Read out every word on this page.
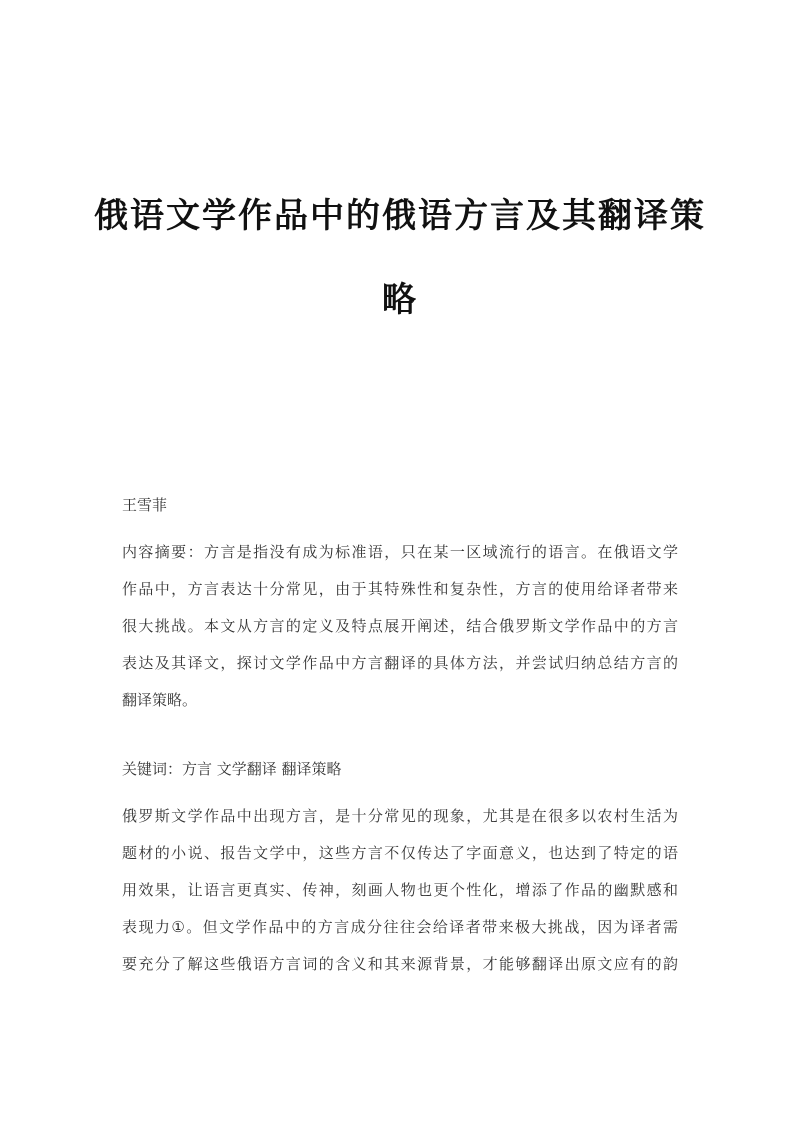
俄语文学作品中的俄语方言及其翻译策
略
王雪菲
内容摘要：方言是指没有成为标准语，只在某一区域流行的语言。在俄语文学
作品中，方言表达十分常见，由于其特殊性和复杂性，方言的使用给译者带来
很大挑战。本文从方言的定义及特点展开阐述，结合俄罗斯文学作品中的方言
表达及其译文，探讨文学作品中方言翻译的具体方法，并尝试归纳总结方言的
翻译策略。
关键词：方言 文学翻译 翻译策略
俄罗斯文学作品中出现方言，是十分常见的现象，尤其是在很多以农村生活为
题材的小说、报告文学中，这些方言不仅传达了字面意义，也达到了特定的语
用效果，让语言更真实、传神，刻画人物也更个性化，增添了作品的幽默感和
表现力①。但文学作品中的方言成分往往会给译者带来极大挑战，因为译者需
要充分了解这些俄语方言词的含义和其来源背景，才能够翻译出原文应有的韵
